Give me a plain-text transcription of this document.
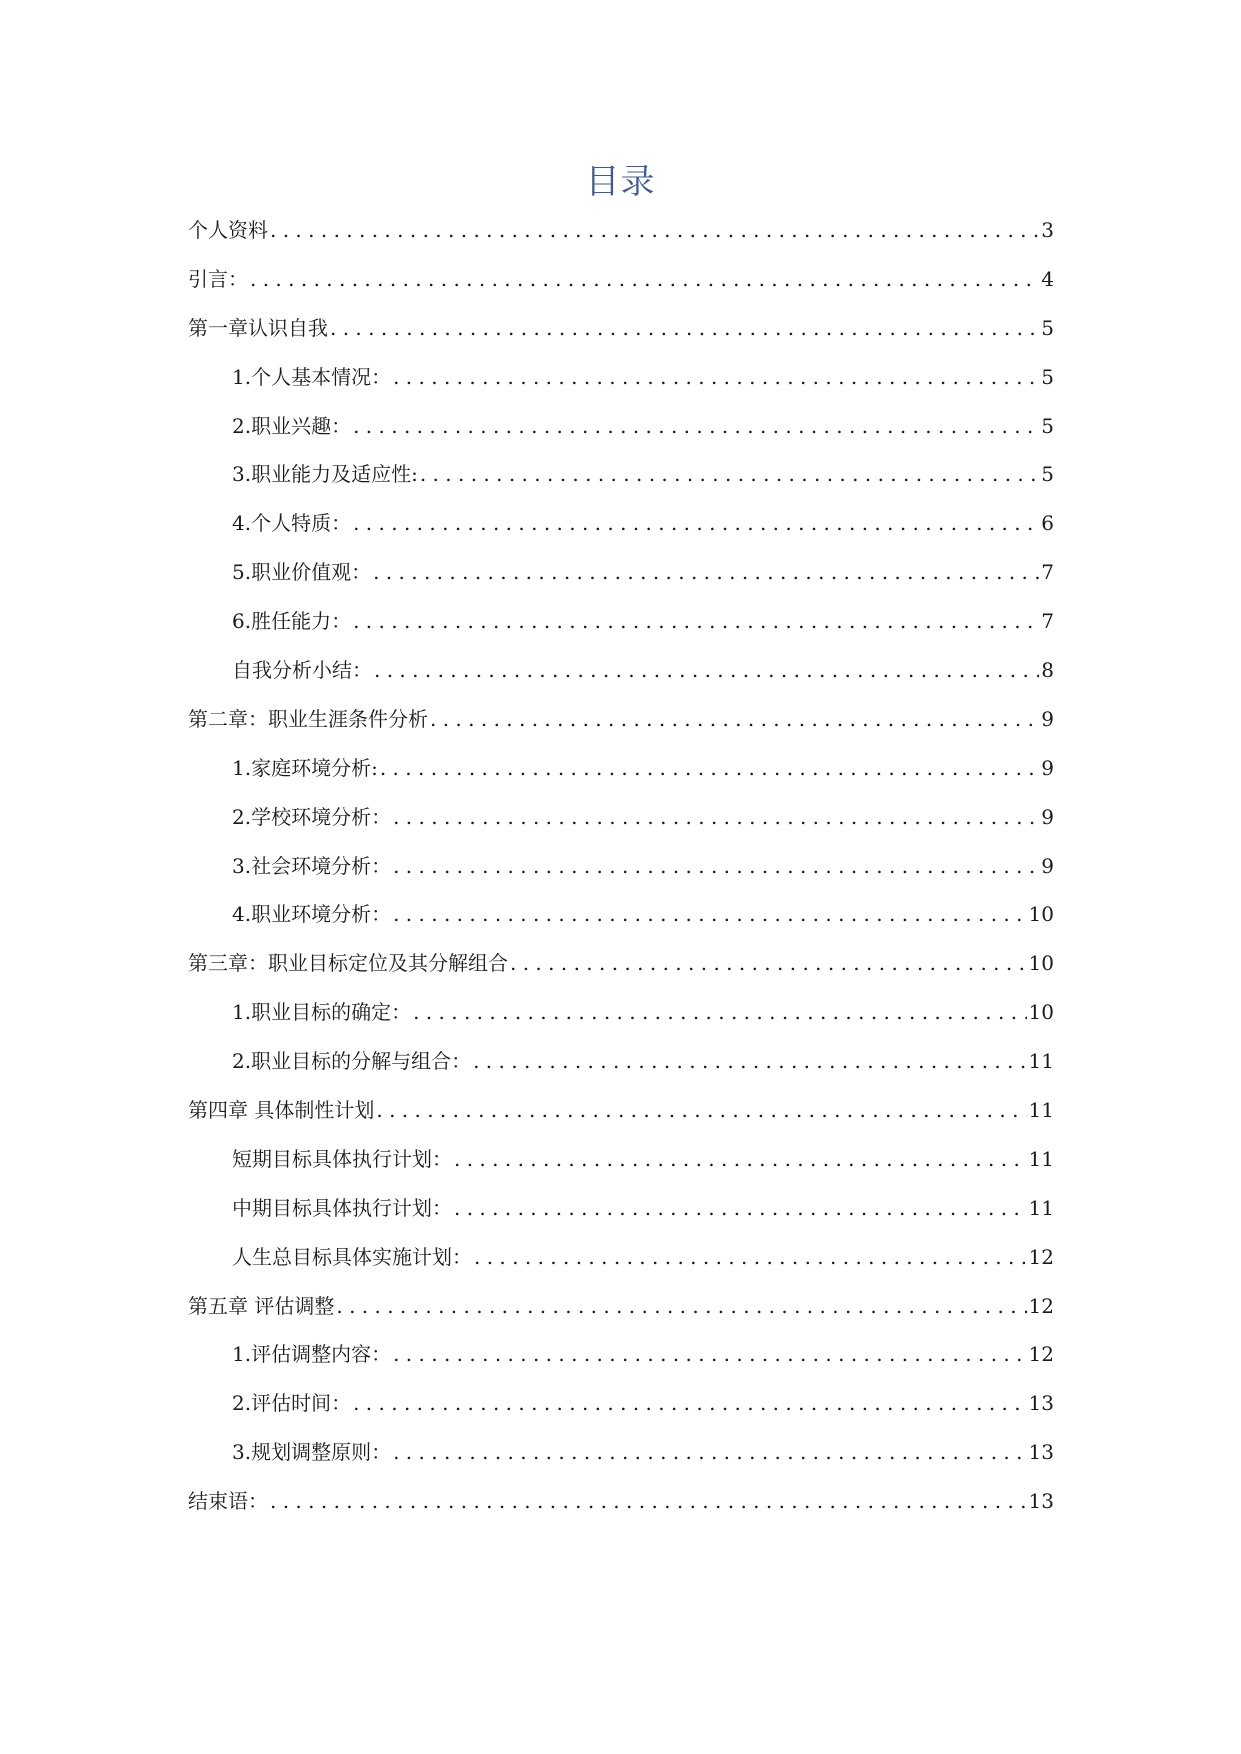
目录
个人资料 . . .	3
引言： . . .	4
第一章认识自我 . . .	5
1.个人基本情况： . . .	5
2.职业兴趣： . . .	5
3.职业能力及适应性: . . .	5
4.个人特质： . . .	6
5.职业价值观： . . .	7
6.胜任能力： . . .	7
自我分析小结： . . .	8
第二章：职业生涯条件分析 . . .	9
1.家庭环境分析: . . .	9
2.学校环境分析： . . .	9
3.社会环境分析： . . .	9
4.职业环境分析： . . .	10
第三章：职业目标定位及其分解组合 . . .	10
1.职业目标的确定： . . .	10
2.职业目标的分解与组合： . . .	11
第四章 具体制性计划 . . .	11
短期目标具体执行计划： . . .	11
中期目标具体执行计划： . . .	11
人生总目标具体实施计划： . . .	12
第五章 评估调整 . . .	12
1.评估调整内容： . . .	12
2.评估时间： . . .	13
3.规划调整原则： . . .	13
结束语： . . .	13
